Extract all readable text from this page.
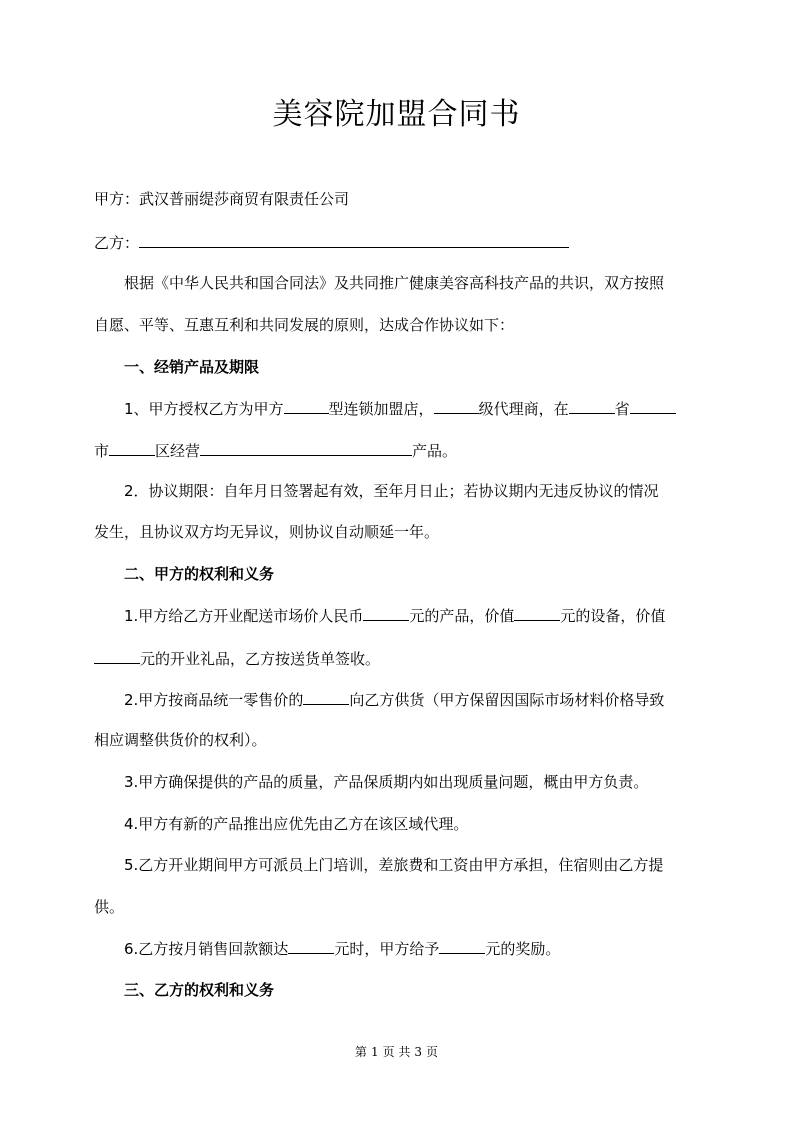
美容院加盟合同书
甲方：武汉普丽缇莎商贸有限责任公司
乙方：
根据《中华人民共和国合同法》及共同推广健康美容高科技产品的共识，双方按照
自愿、平等、互惠互利和共同发展的原则，达成合作协议如下：
一、经销产品及期限
1、甲方授权乙方为甲方	型连锁加盟店，	级代理商，在	省
市	区经营	产品。
2．协议期限：自年月日签署起有效，至年月日止；若协议期内无违反协议的情况
发生，且协议双方均无异议，则协议自动顺延一年。
二、甲方的权利和义务
1.甲方给乙方开业配送市场价人民币	元的产品，价值	元的设备，价值
元的开业礼品，乙方按送货单签收。
2.甲方按商品统一零售价的	向乙方供货（甲方保留因国际市场材料价格导致
相应调整供货价的权利）。
3.甲方确保提供的产品的质量，产品保质期内如出现质量问题，概由甲方负责。
4.甲方有新的产品推出应优先由乙方在该区域代理。
5.乙方开业期间甲方可派员上门培训，差旅费和工资由甲方承担，住宿则由乙方提
供。
6.乙方按月销售回款额达	元时，甲方给予	元的奖励。
三、乙方的权利和义务
第 1 页 共 3 页
